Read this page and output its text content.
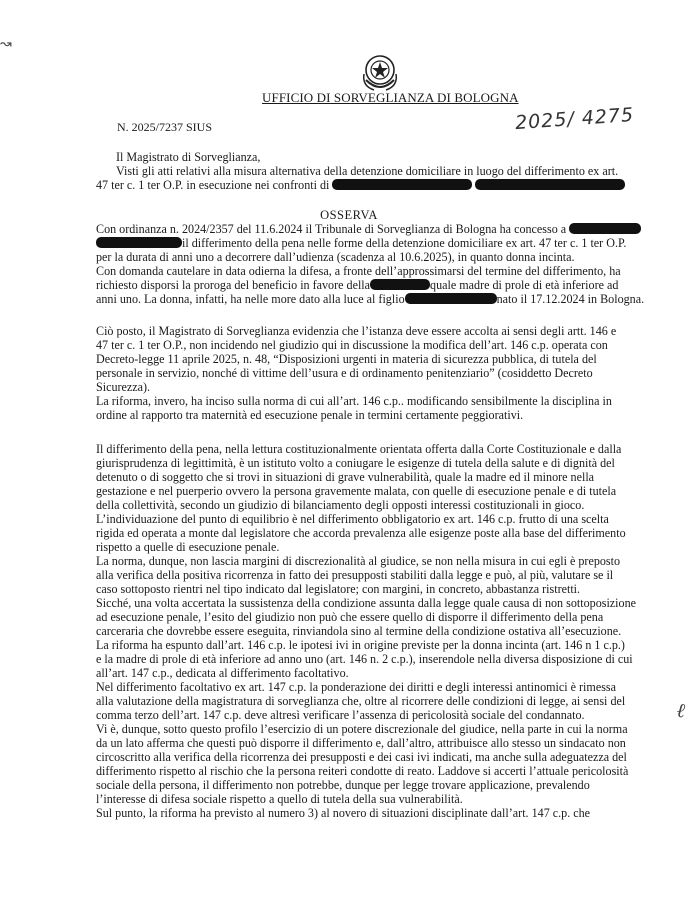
↝
UFFICIO DI SORVEGLIANZA DI BOLOGNA
N. 2025/7237 SIUS	2025/ 4275
Il Magistrato di Sorveglianza,
Visti gli atti relativi alla misura alternativa della detenzione domiciliare in luogo del differimento ex art.
47 ter c. 1 ter O.P. in esecuzione nei confronti di
OSSERVA
Con ordinanza n. 2024/2357 del 11.6.2024 il Tribunale di Sorveglianza di Bologna ha concesso a
il differimento della pena nelle forme della detenzione domiciliare ex art. 47 ter c. 1 ter O.P.
per la durata di anni uno a decorrere dall’udienza (scadenza al 10.6.2025), in quanto donna incinta.
Con domanda cautelare in data odierna la difesa, a fronte dell’approssimarsi del termine del differimento, ha
richiesto disporsi la proroga del beneficio in favore della	quale madre di prole di età inferiore ad
anni uno. La donna, infatti, ha nelle more dato alla luce al figlio	nato il 17.12.2024 in Bologna.
Ciò posto, il Magistrato di Sorveglianza evidenzia che l’istanza deve essere accolta ai sensi degli artt. 146 e
47 ter c. 1 ter O.P., non incidendo nel giudizio qui in discussione la modifica dell’art. 146 c.p. operata con
Decreto-legge 11 aprile 2025, n. 48, “Disposizioni urgenti in materia di sicurezza pubblica, di tutela del
personale in servizio, nonché di vittime dell’usura e di ordinamento penitenziario” (cosiddetto Decreto
Sicurezza).
La riforma, invero, ha inciso sulla norma di cui all’art. 146 c.p.. modificando sensibilmente la disciplina in
ordine al rapporto tra maternità ed esecuzione penale in termini certamente peggiorativi.
Il differimento della pena, nella lettura costituzionalmente orientata offerta dalla Corte Costituzionale e dalla
giurisprudenza di legittimità, è un istituto volto a coniugare le esigenze di tutela della salute e di dignità del
detenuto o di soggetto che si trovi in situazioni di grave vulnerabilità, quale la madre ed il minore nella
gestazione e nel puerperio ovvero la persona gravemente malata, con quelle di esecuzione penale e di tutela
della collettività, secondo un giudizio di bilanciamento degli opposti interessi costituzionali in gioco.
L’individuazione del punto di equilibrio è nel differimento obbligatorio ex art. 146 c.p. frutto di una scelta
rigida ed operata a monte dal legislatore che accorda prevalenza alle esigenze poste alla base del differimento
rispetto a quelle di esecuzione penale.
La norma, dunque, non lascia margini di discrezionalità al giudice, se non nella misura in cui egli è preposto
alla verifica della positiva ricorrenza in fatto dei presupposti stabiliti dalla legge e può, al più, valutare se il
caso sottoposto rientri nel tipo indicato dal legislatore; con margini, in concreto, abbastanza ristretti.
Sicché, una volta accertata la sussistenza della condizione assunta dalla legge quale causa di non sottoposizione
ad esecuzione penale, l’esito del giudizio non può che essere quello di disporre il differimento della pena
carceraria che dovrebbe essere eseguita, rinviandola sino al termine della condizione ostativa all’esecuzione.
La riforma ha espunto dall’art. 146 c.p. le ipotesi ivi in origine previste per la donna incinta (art. 146 n 1 c.p.)
e la madre di prole di età inferiore ad anno uno (art. 146 n. 2 c.p.), inserendole nella diversa disposizione di cui
all’art. 147 c.p., dedicata al differimento facoltativo.
Nel differimento facoltativo ex art. 147 c.p. la ponderazione dei diritti e degli interessi antinomici è rimessa
alla valutazione della magistratura di sorveglianza che, oltre al ricorrere delle condizioni di legge, ai sensi del
comma terzo dell’art. 147 c.p. deve altresì verificare l’assenza di pericolosità sociale del condannato.
Vi è, dunque, sotto questo profilo l’esercizio di un potere discrezionale del giudice, nella parte in cui la norma
da un lato afferma che questi può disporre il differimento e, dall’altro, attribuisce allo stesso un sindacato non
circoscritto alla verifica della ricorrenza dei presupposti e dei casi ivi indicati, ma anche sulla adeguatezza del
differimento rispetto al rischio che la persona reiteri condotte di reato. Laddove si accerti l’attuale pericolosità
sociale della persona, il differimento non potrebbe, dunque per legge trovare applicazione, prevalendo
l’interesse di difesa sociale rispetto a quello di tutela della sua vulnerabilità.
Sul punto, la riforma ha previsto al numero 3) al novero di situazioni disciplinate dall’art. 147 c.p. che
ℓ
